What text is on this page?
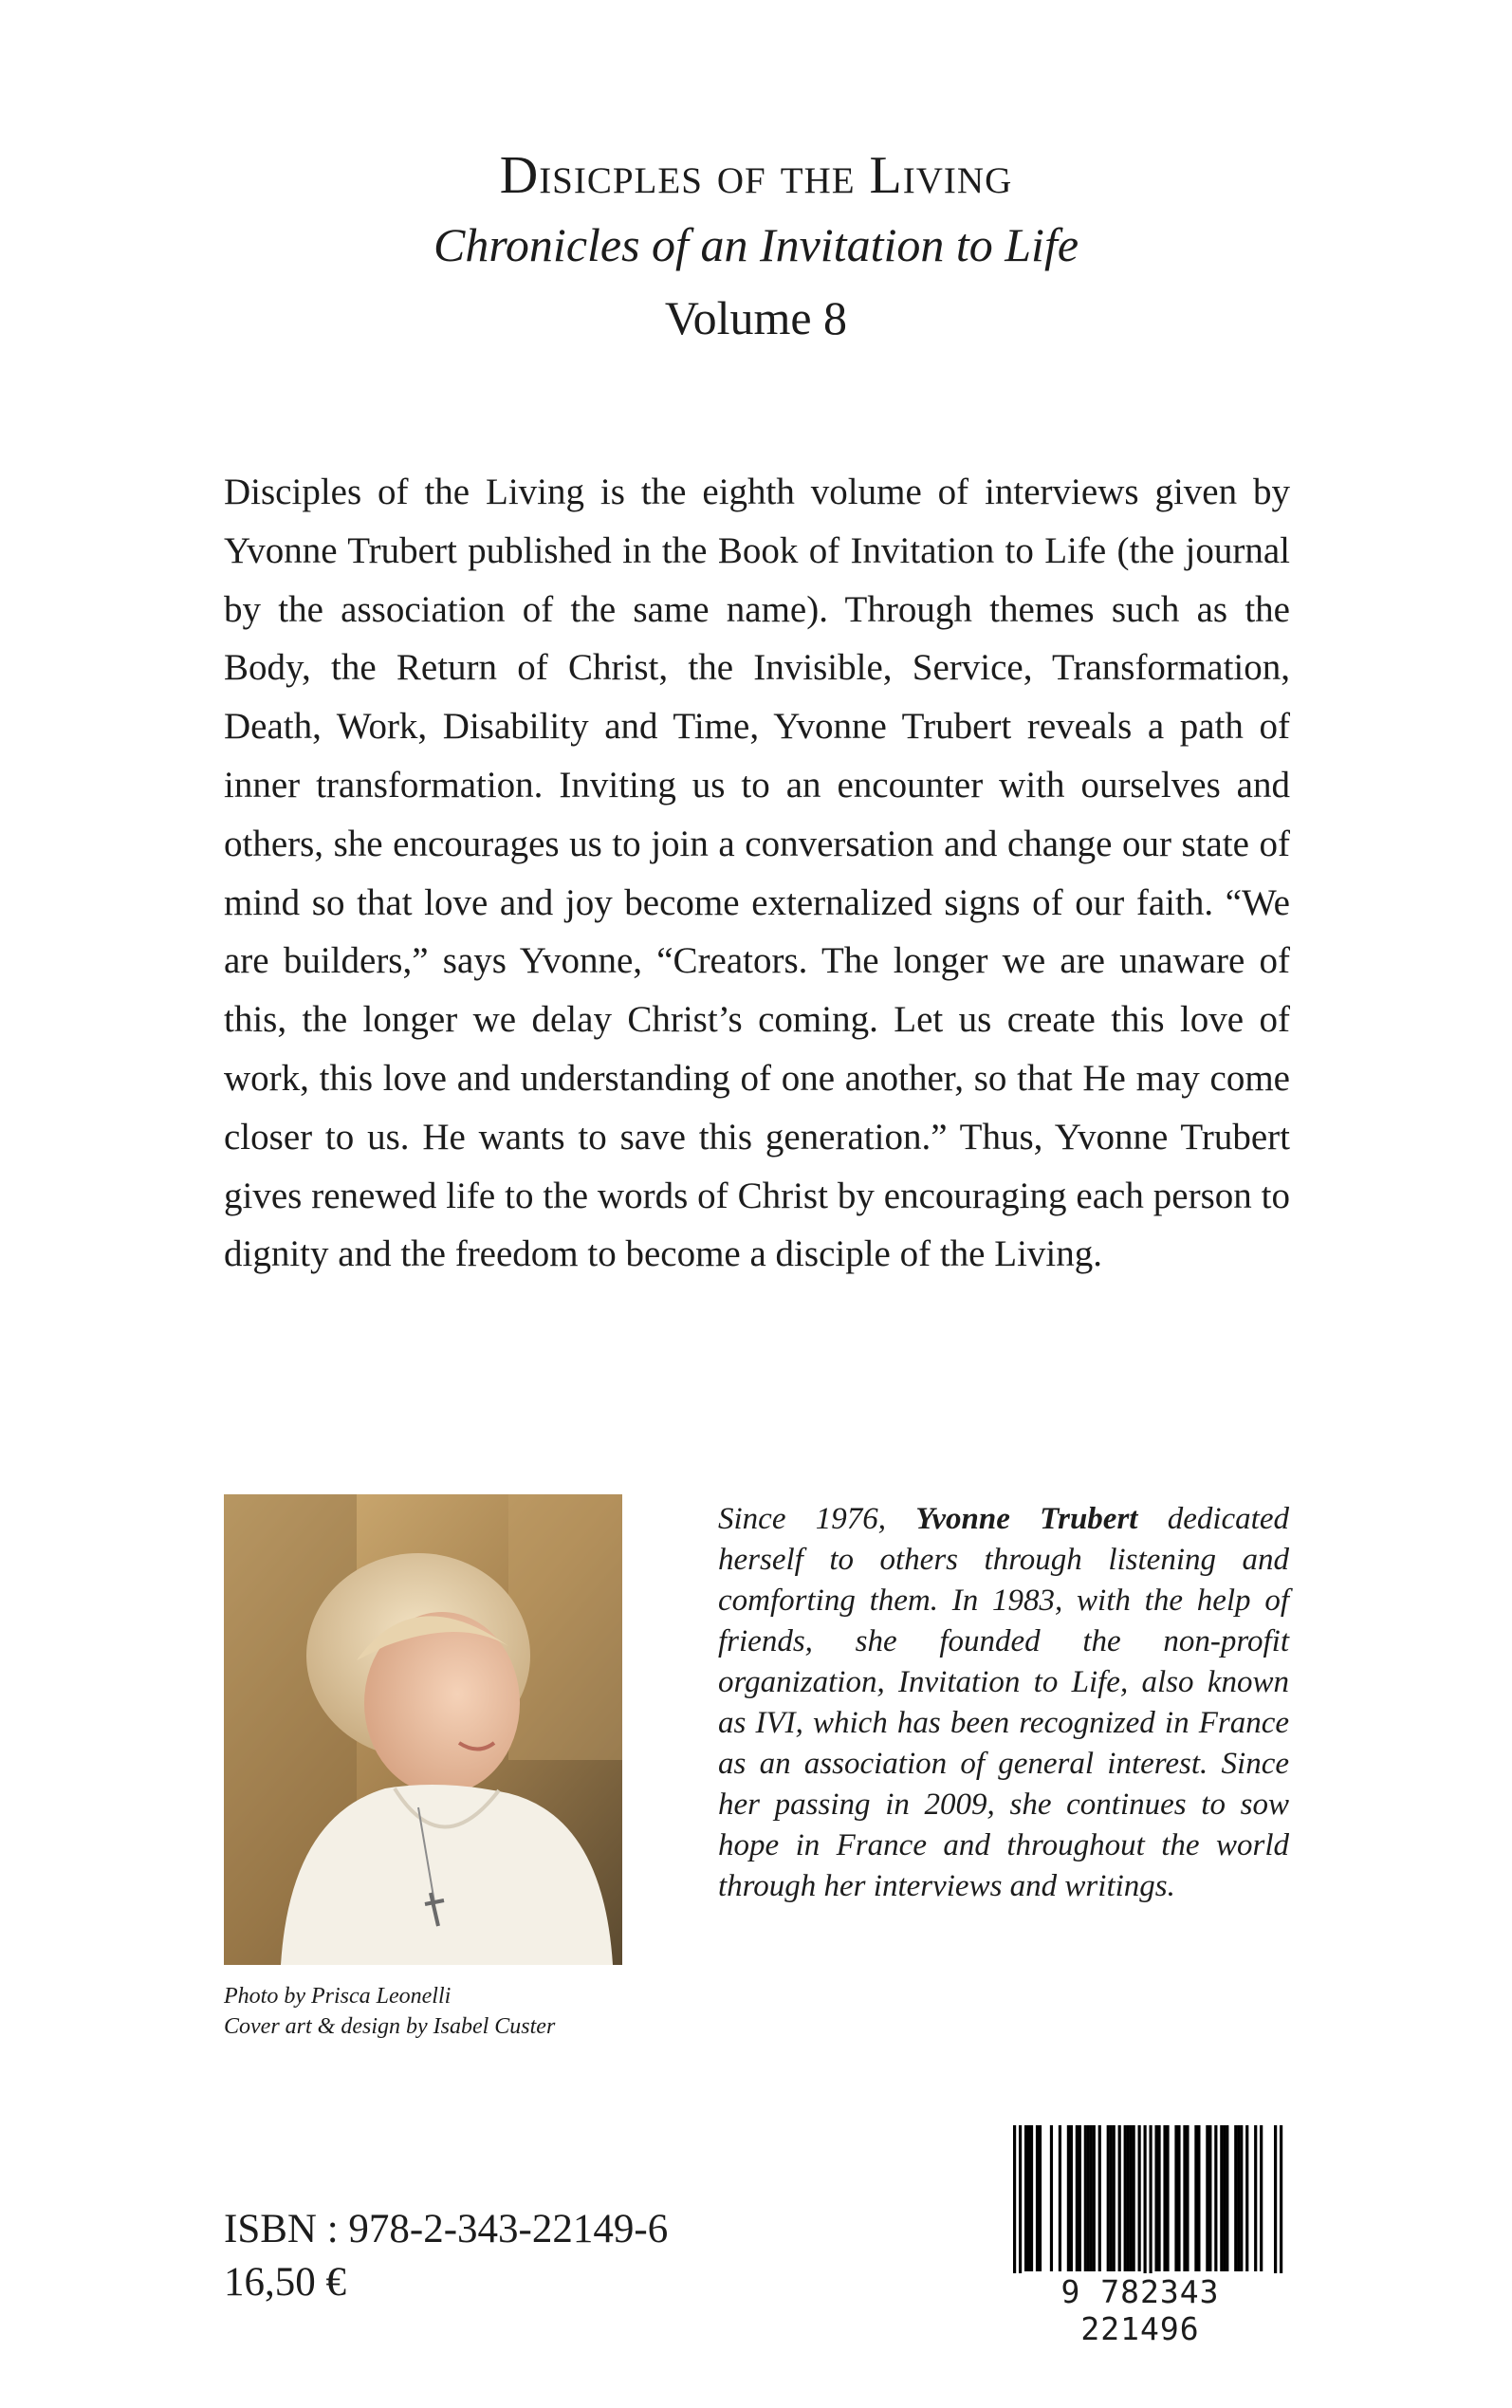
Disicples of the Living

Chronicles of an Invitation to Life

Volume 8

Disciples of the Living is the eighth volume of interviews given by Yvonne Trubert published in the Book of Invitation to Life (the journal by the association of the same name). Through themes such as the Body, the Return of Christ, the Invisible, Service, Transformation, Death, Work, Disability and Time, Yvonne Trubert reveals a path of inner transformation. Inviting us to an encounter with ourselves and others, she encourages us to join a conversation and change our state of mind so that love and joy become externalized signs of our faith. “We are builders,” says Yvonne, “Creators. The longer we are unaware of this, the longer we delay Christ’s coming. Let us create this love of work, this love and understanding of one another, so that He may come closer to us. He wants to save this generation.” Thus, Yvonne Trubert gives renewed life to the words of Christ by encouraging each person to dignity and the freedom to become a disciple of the Living.

Since 1976, Yvonne Trubert dedicated herself to others through listening and comforting them. In 1983, with the help of friends, she founded the non-profit organization, Invitation to Life, also known as IVI, which has been recognized in France as an association of general interest. Since her passing in 2009, she continues to sow hope in France and throughout the world through her interviews and writings.

Photo by Prisca Leonelli
Cover art & design by Isabel Custer
ISBN : 978-2-343-22149-6
16,50 €	9 782343 221496
